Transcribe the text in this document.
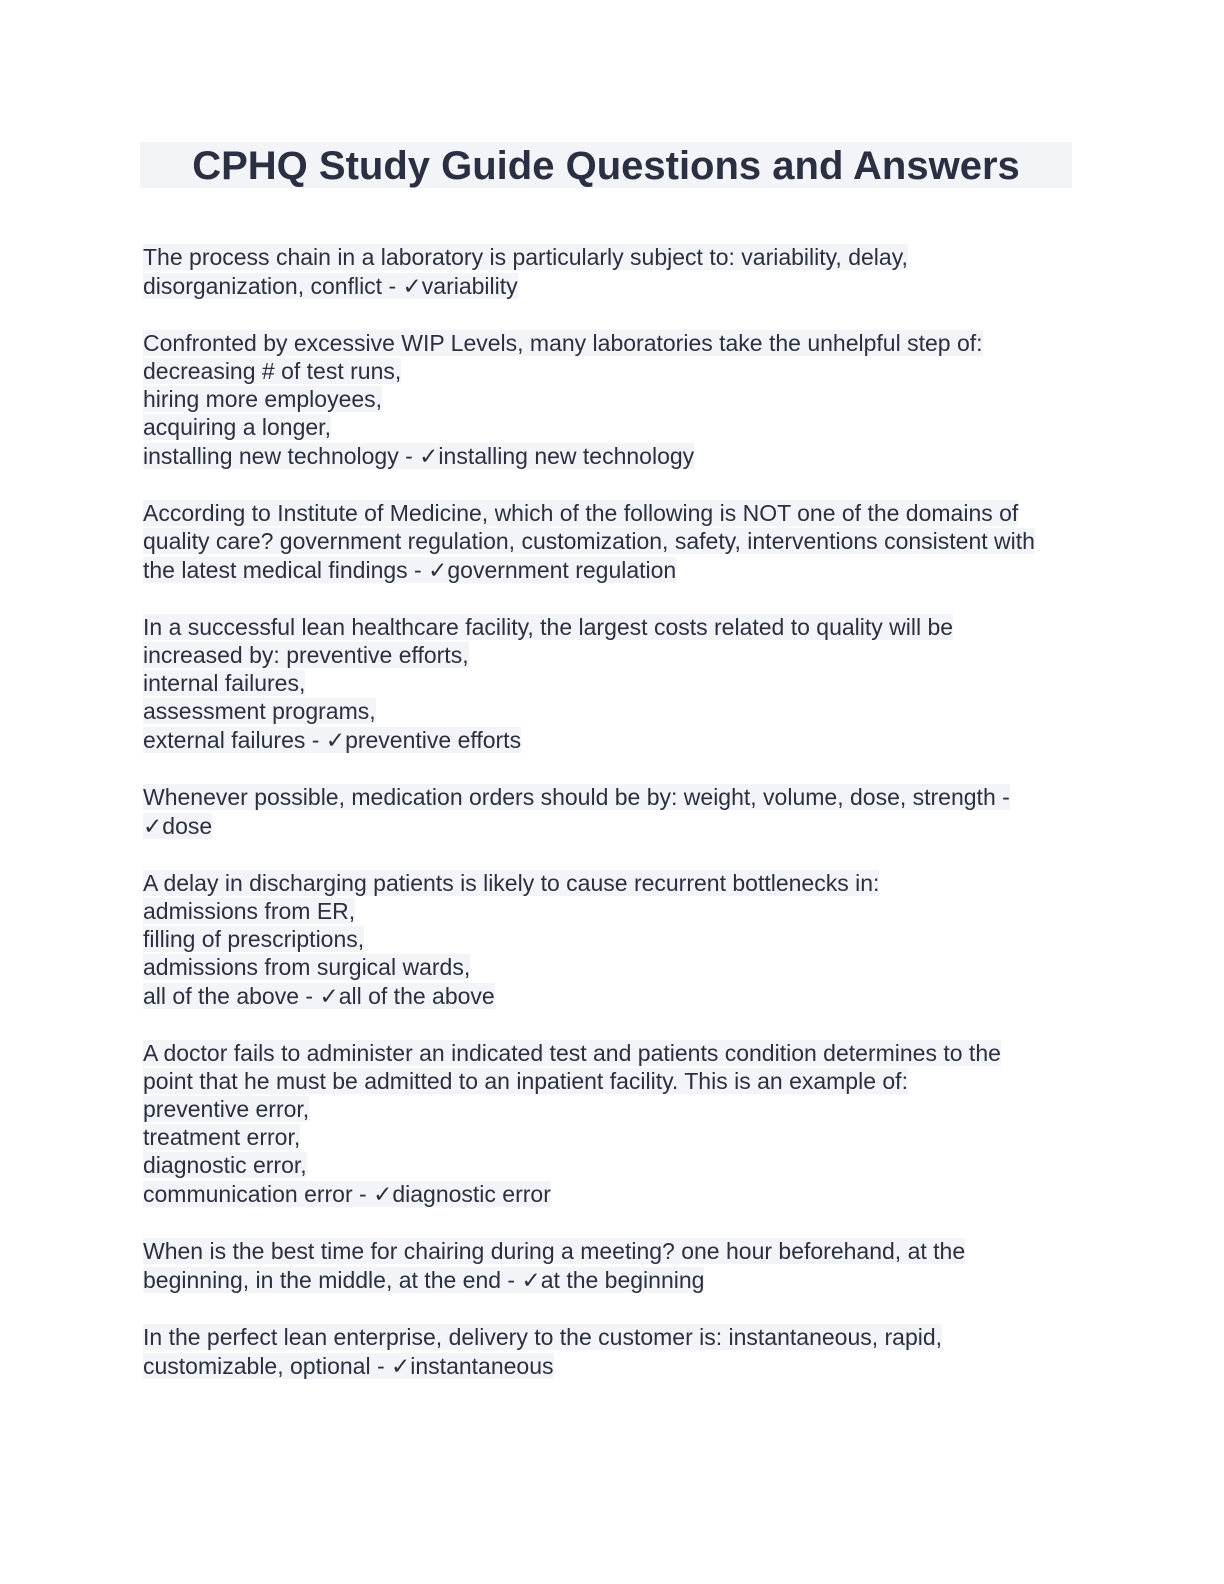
CPHQ Study Guide Questions and Answers
The process chain in a laboratory is particularly subject to: variability, delay,
disorganization, conflict - ✓variability
Confronted by excessive WIP Levels, many laboratories take the unhelpful step of:
decreasing # of test runs,
hiring more employees,
acquiring a longer,
installing new technology - ✓installing new technology
According to Institute of Medicine, which of the following is NOT one of the domains of
quality care? government regulation, customization, safety, interventions consistent with
the latest medical findings - ✓government regulation
In a successful lean healthcare facility, the largest costs related to quality will be
increased by: preventive efforts,
internal failures,
assessment programs,
external failures - ✓preventive efforts
Whenever possible, medication orders should be by: weight, volume, dose, strength -
✓dose
A delay in discharging patients is likely to cause recurrent bottlenecks in:
admissions from ER,
filling of prescriptions,
admissions from surgical wards,
all of the above - ✓all of the above
A doctor fails to administer an indicated test and patients condition determines to the
point that he must be admitted to an inpatient facility. This is an example of:
preventive error,
treatment error,
diagnostic error,
communication error - ✓diagnostic error
When is the best time for chairing during a meeting? one hour beforehand, at the
beginning, in the middle, at the end - ✓at the beginning
In the perfect lean enterprise, delivery to the customer is: instantaneous, rapid,
customizable, optional - ✓instantaneous
